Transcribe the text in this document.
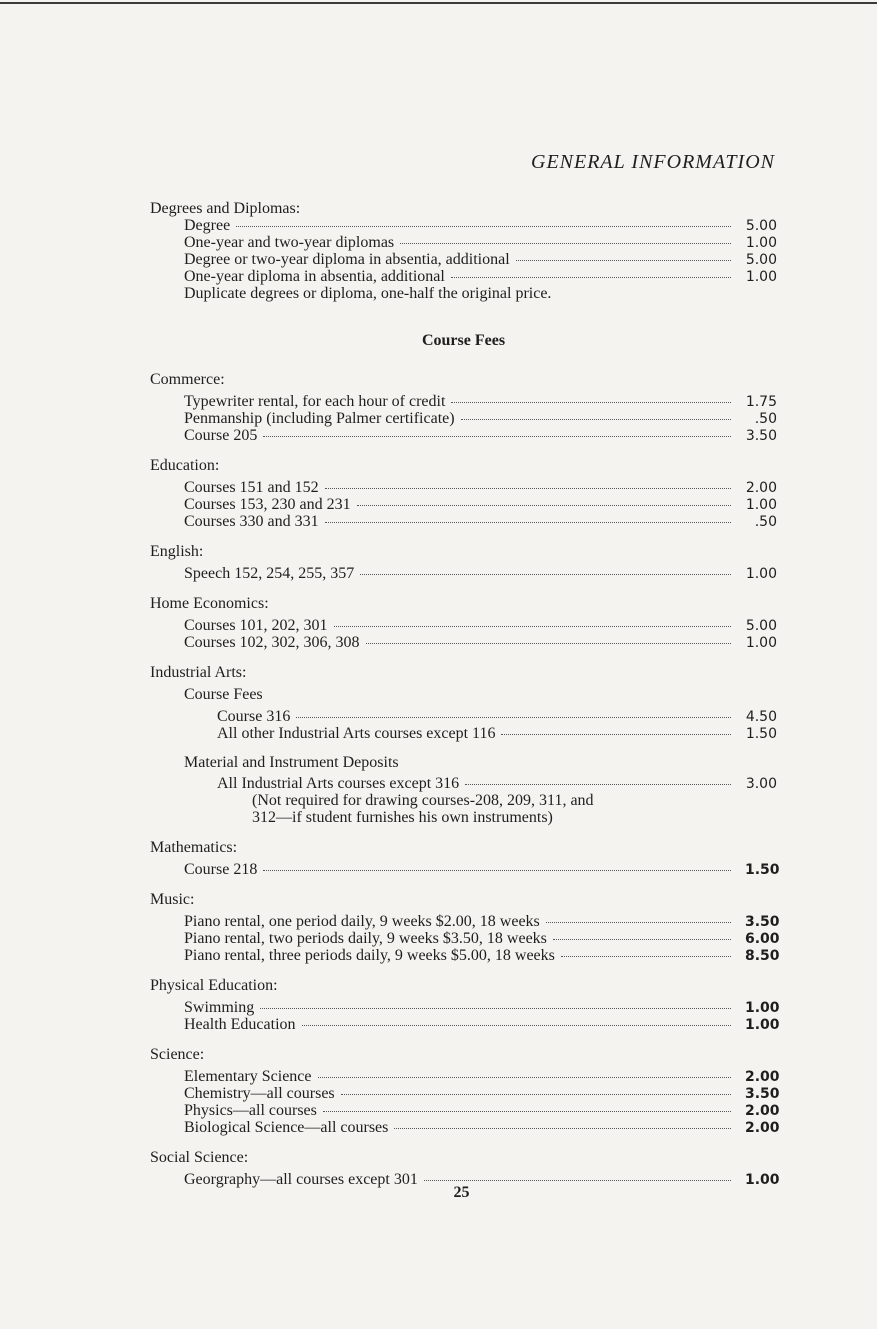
GENERAL INFORMATION
Degrees and Diplomas:
Degree	5.00
One-year and two-year diplomas	1.00
Degree or two-year diploma in absentia, additional	5.00
One-year diploma in absentia, additional	1.00
Duplicate degrees or diploma, one-half the original price.
Course Fees
Commerce:
Typewriter rental, for each hour of credit	1.75
Penmanship (including Palmer certificate)	.50
Course 205	3.50
Education:
Courses 151 and 152	2.00
Courses 153, 230 and 231	1.00
Courses 330 and 331	.50
English:
Speech 152, 254, 255, 357	1.00
Home Economics:
Courses 101, 202, 301	5.00
Courses 102, 302, 306, 308	1.00
Industrial Arts:
Course Fees
Course 316	4.50
All other Industrial Arts courses except 116	1.50
Material and Instrument Deposits
All Industrial Arts courses except 316	3.00
(Not required for drawing courses-208, 209, 311, and
312—if student furnishes his own instruments)
Mathematics:
Course 218	1.50
Music:
Piano rental, one period daily, 9 weeks $2.00, 18 weeks	3.50
Piano rental, two periods daily, 9 weeks $3.50, 18 weeks	6.00
Piano rental, three periods daily, 9 weeks $5.00, 18 weeks	8.50
Physical Education:
Swimming	1.00
Health Education	1.00
Science:
Elementary Science	2.00
Chemistry—all courses	3.50
Physics—all courses	2.00
Biological Science—all courses	2.00
Social Science:
Georgraphy—all courses except 301	1.00
25
